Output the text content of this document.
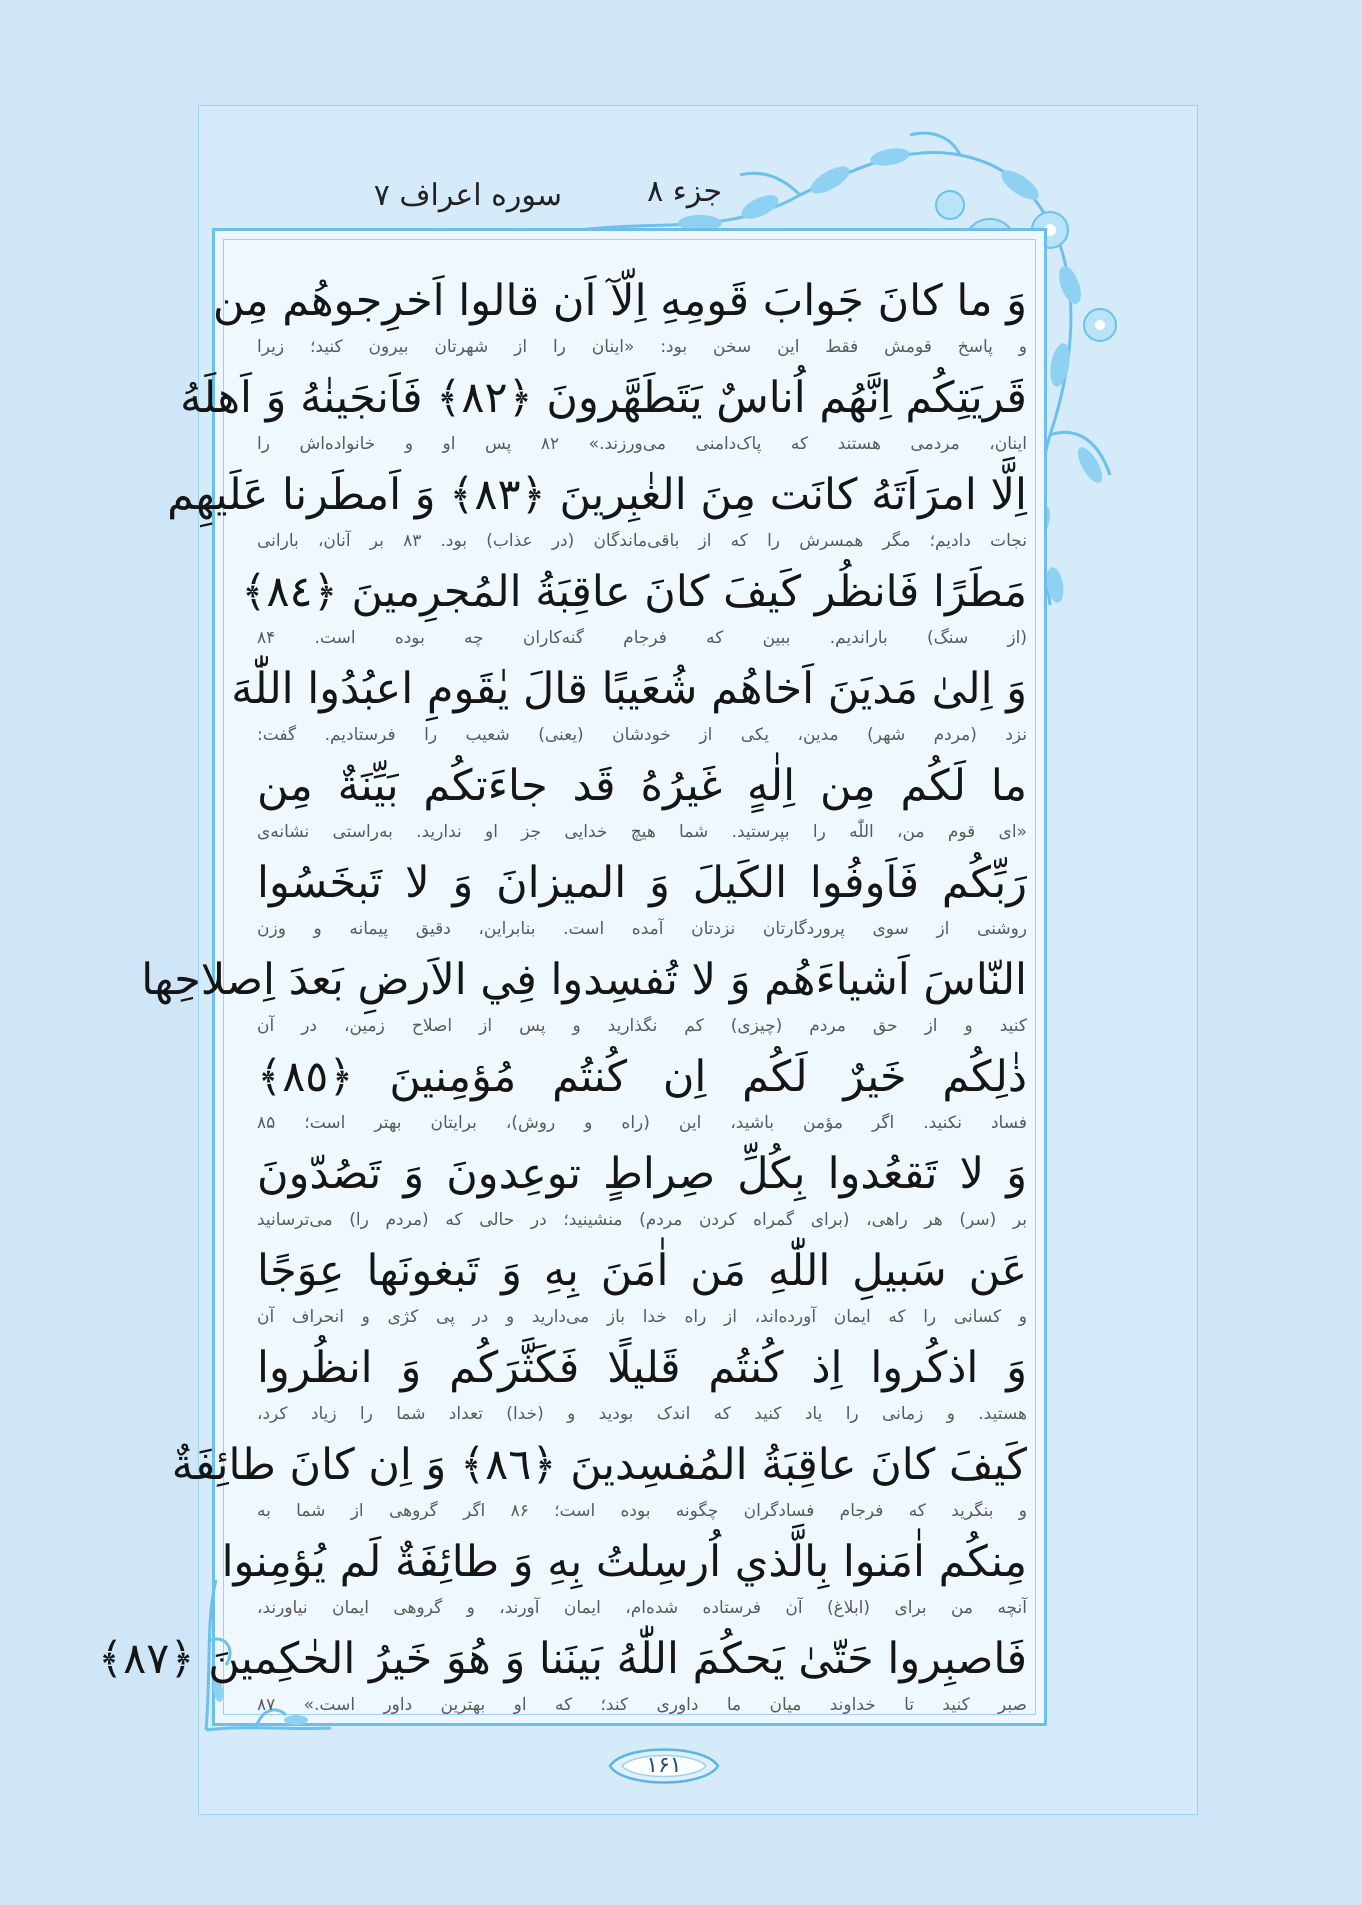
جزء ۸
سوره اعراف ۷
وَ ما كانَ جَوابَ قَومِهِ اِلّآ اَن قالوا اَخرِجوهُم مِن
و پاسخ قومش فقط این سخن بود: «اینان را از شهرتان بیرون کنید؛ زیرا
قَريَتِكُم اِنَّهُم اُناسٌ يَتَطَهَّرونَ ﴿٨٢﴾ فَاَنجَينٰهُ وَ اَهلَهُ
اینان، مردمی هستند که پاک‌دامنی می‌ورزند.» ۸۲ پس او و خانواده‌اش را
اِلَّا امرَاَتَهُ كانَت مِنَ الغٰبِرينَ ﴿٨٣﴾ وَ اَمطَرنا عَلَيهِم
نجات دادیم؛ مگر همسرش را که از باقی‌ماندگان (در عذاب) بود. ۸۳ بر آنان، بارانی
مَطَرًا فَانظُر كَيفَ كانَ عاقِبَةُ المُجرِمينَ ﴿٨٤﴾
(از سنگ) باراندیم. ببین که فرجام گنه‌کاران چه بوده است. ۸۴
وَ اِلىٰ مَديَنَ اَخاهُم شُعَيبًا قالَ يٰقَومِ اعبُدُوا اللّٰهَ
نزد (مردم شهر) مدین، یکی از خودشان (یعنی) شعیب را فرستادیم. گفت:
ما لَكُم مِن اِلٰهٍ غَيرُهُ قَد جاءَتكُم بَيِّنَةٌ مِن
«ای قوم من، اللّٰه را بپرستید. شما هیچ خدایی جز او ندارید. به‌راستی نشانه‌ی
رَبِّكُم فَاَوفُوا الكَيلَ وَ الميزانَ وَ لا تَبخَسُوا
روشنی از سوی پروردگارتان نزدتان آمده است. بنابراین، دقیق پیمانه و وزن
النّاسَ اَشياءَهُم وَ لا تُفسِدوا فِي الاَرضِ بَعدَ اِصلاحِها
کنید و از حق مردم (چیزی) کم نگذارید و پس از اصلاح زمین، در آن
ذٰلِكُم خَيرٌ لَكُم اِن كُنتُم مُؤمِنينَ ﴿٨٥﴾
فساد نکنید. اگر مؤمن باشید، این (راه و روش)، برایتان بهتر است؛ ۸۵
وَ لا تَقعُدوا بِكُلِّ صِراطٍ توعِدونَ وَ تَصُدّونَ
بر (سر) هر راهی، (برای گمراه کردن مردم) منشینید؛ در حالی که (مردم را) می‌ترسانید
عَن سَبيلِ اللّٰهِ مَن اٰمَنَ بِهِ وَ تَبغونَها عِوَجًا
و کسانی را که ایمان آورده‌اند، از راه خدا باز می‌دارید و در پی کژی و انحراف آن
وَ اذكُروا اِذ كُنتُم قَليلًا فَكَثَّرَكُم وَ انظُروا
هستید. و زمانی را یاد کنید که اندک بودید و (خدا) تعداد شما را زیاد کرد،
كَيفَ كانَ عاقِبَةُ المُفسِدينَ ﴿٨٦﴾ وَ اِن كانَ طائِفَةٌ
و بنگرید که فرجام فسادگران چگونه بوده است؛ ۸۶ اگر گروهی از شما به
مِنكُم اٰمَنوا بِالَّذي اُرسِلتُ بِهِ وَ طائِفَةٌ لَم يُؤمِنوا
آنچه من برای (ابلاغ) آن فرستاده شده‌ام، ایمان آورند، و گروهی ایمان نیاورند،
فَاصبِروا حَتّىٰ يَحكُمَ اللّٰهُ بَينَنا وَ هُوَ خَيرُ الحٰكِمينَ ﴿٨٧﴾
صبر کنید تا خداوند میان ما داوری کند؛ که او بهترین داور است.» ۸۷
۱۶۱
